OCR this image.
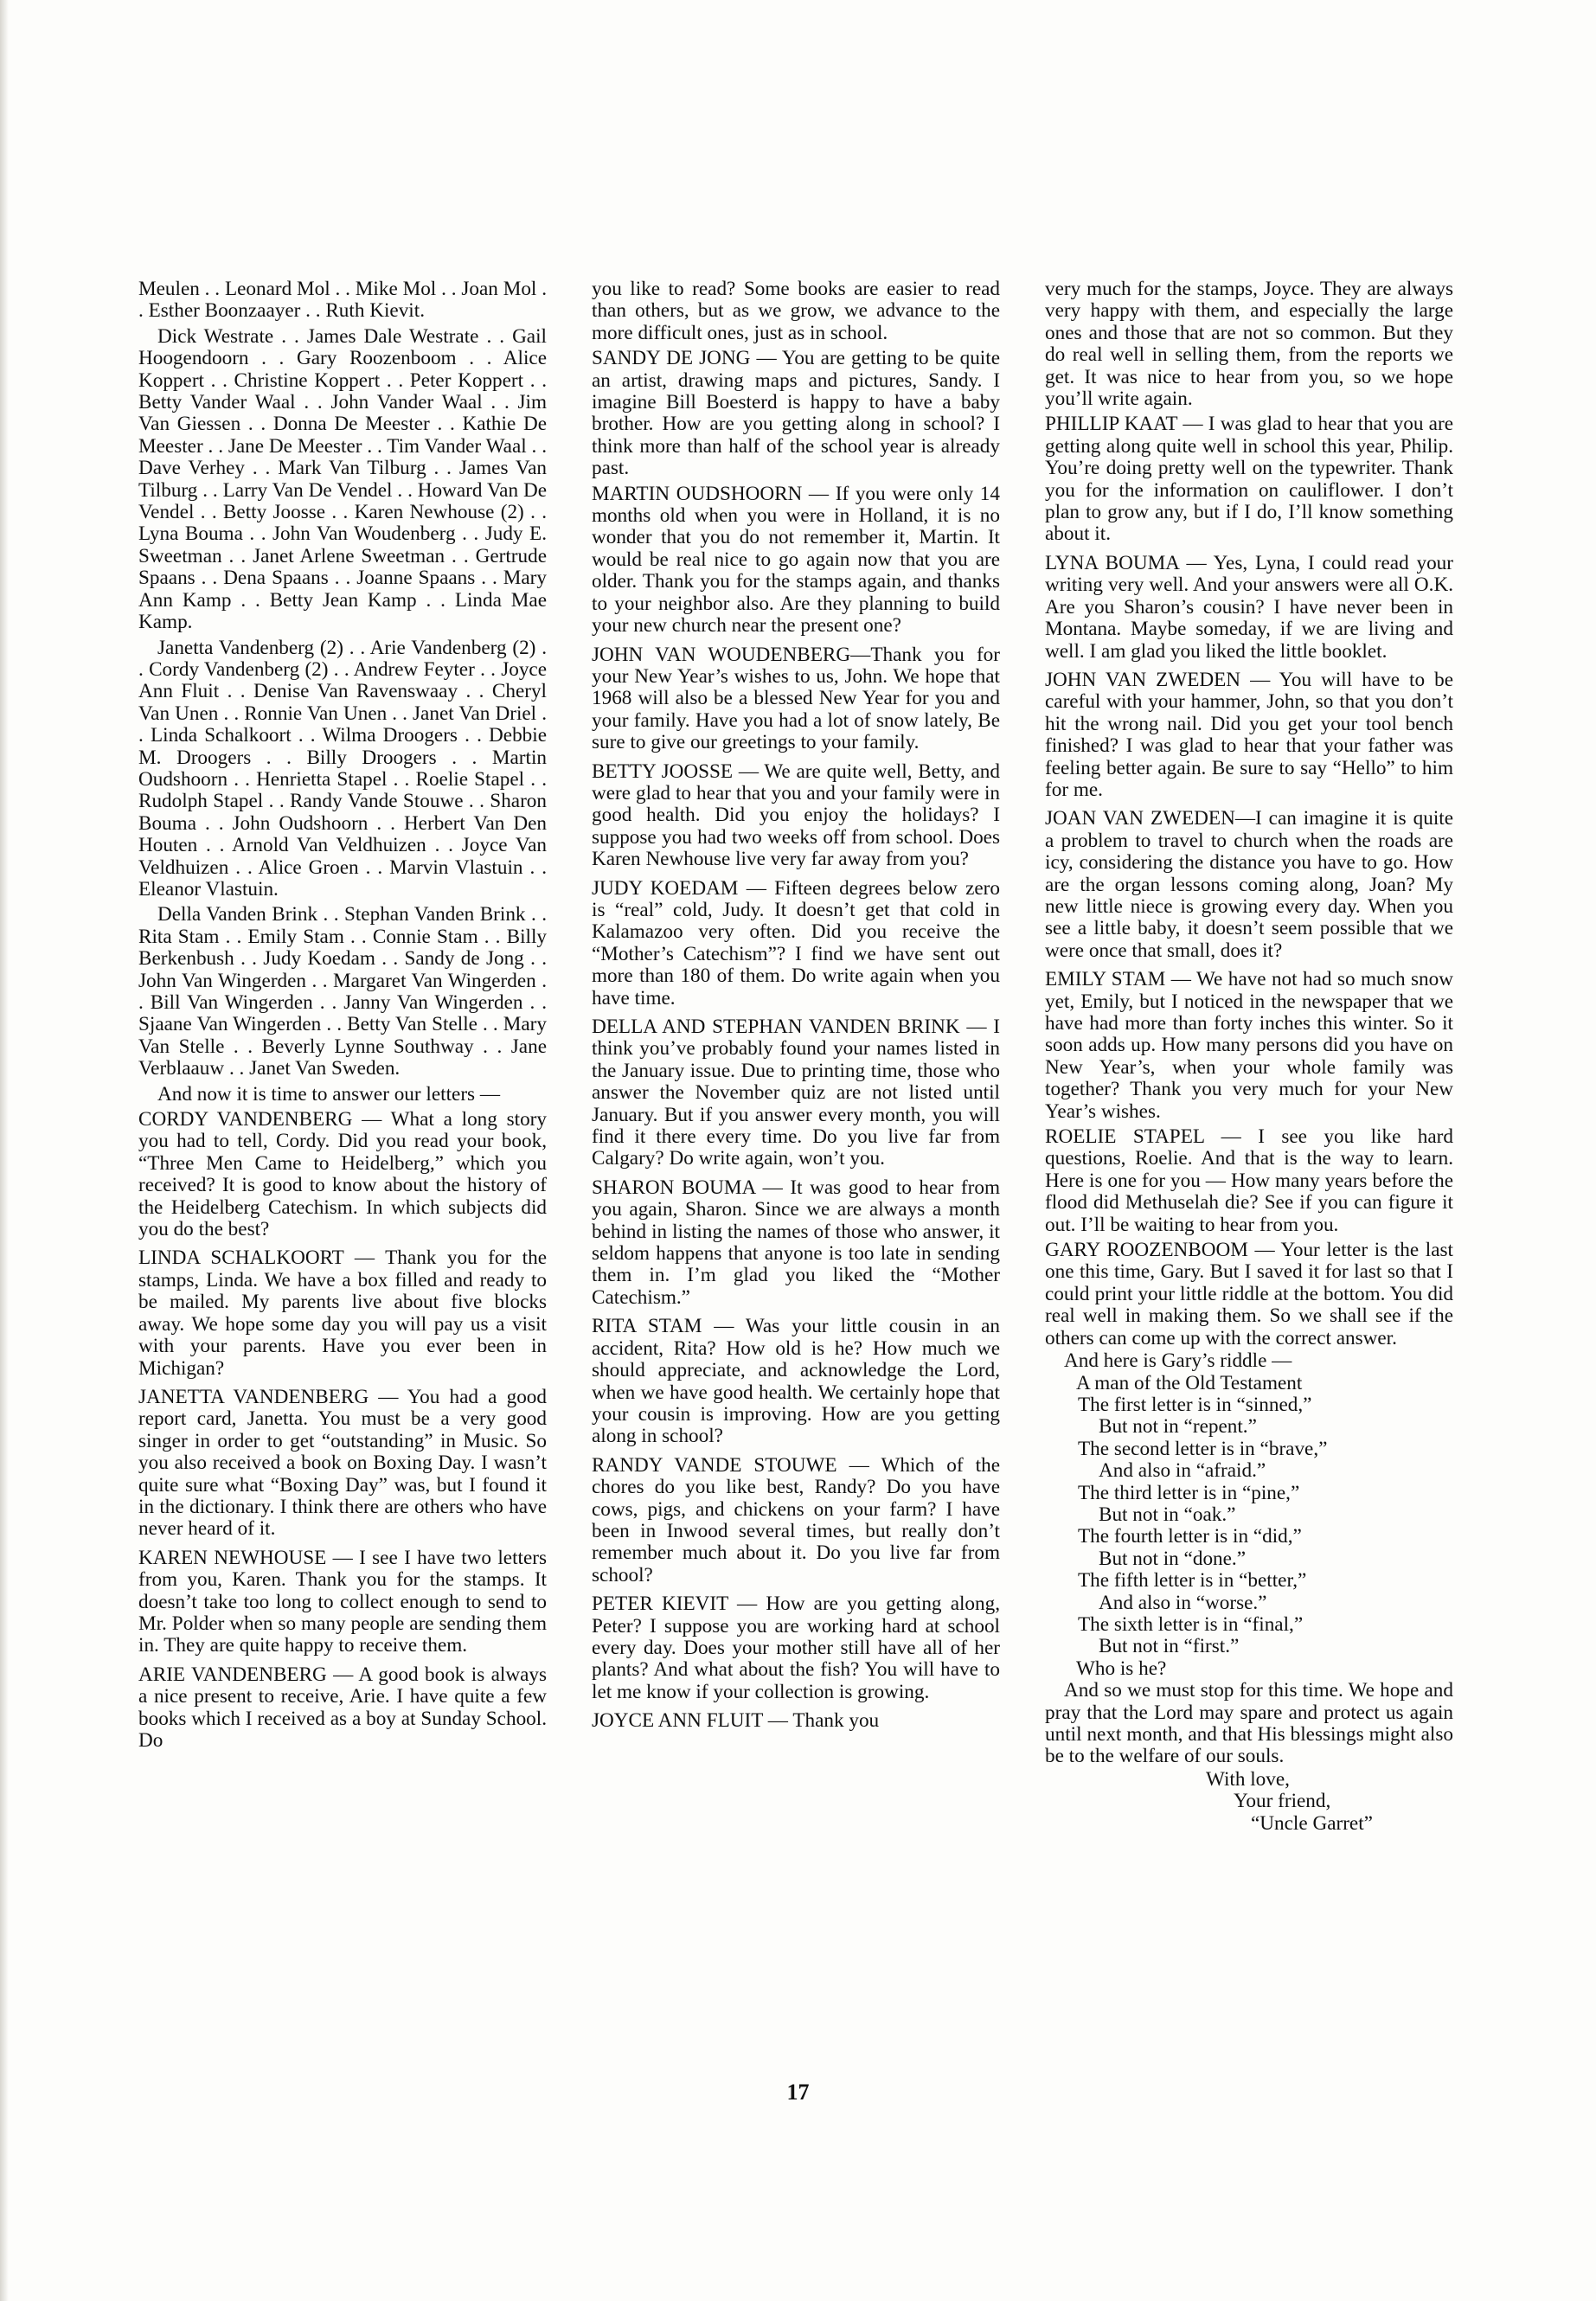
Meulen . . Leonard Mol . . Mike Mol . . Joan Mol . . Esther Boonzaayer . . Ruth Kievit.

Dick Westrate . . James Dale Westrate . . Gail Hoogendoorn . . Gary Roozenboom . . Alice Koppert . . Christine Koppert . . Peter Koppert . . Betty Vander Waal . . John Vander Waal . . Jim Van Giessen . . Donna De Meester . . Kathie De Meester . . Jane De Meester . . Tim Vander Waal . . Dave Verhey . . Mark Van Tilburg . . James Van Tilburg . . Larry Van De Vendel . . Howard Van De Vendel . . Betty Joosse . . Karen Newhouse (2) . . Lyna Bouma . . John Van Woudenberg . . Judy E. Sweetman . . Janet Arlene Sweetman . . Gertrude Spaans . . Dena Spaans . . Joanne Spaans . . Mary Ann Kamp . . Betty Jean Kamp . . Linda Mae Kamp.

Janetta Vandenberg (2) . . Arie Vandenberg (2) . . Cordy Vandenberg (2) . . Andrew Feyter . . Joyce Ann Fluit . . Denise Van Ravenswaay . . Cheryl Van Unen . . Ronnie Van Unen . . Janet Van Driel . . Linda Schalkoort . . Wilma Droogers . . Debbie M. Droogers . . Billy Droogers . . Martin Oudshoorn . . Henrietta Stapel . . Roelie Stapel . . Rudolph Stapel . . Randy Vande Stouwe . . Sharon Bouma . . John Oudshoorn . . Herbert Van Den Houten . . Arnold Van Veldhuizen . . Joyce Van Veldhuizen . . Alice Groen . . Marvin Vlastuin . . Eleanor Vlastuin.

Della Vanden Brink . . Stephan Vanden Brink . . Rita Stam . . Emily Stam . . Connie Stam . . Billy Berkenbush . . Judy Koedam . . Sandy de Jong . . John Van Wingerden . . Margaret Van Wingerden . . Bill Van Wingerden . . Janny Van Wingerden . . Sjaane Van Wingerden . . Betty Van Stelle . . Mary Van Stelle . . Beverly Lynne Southway . . Jane Verblaauw . . Janet Van Sweden.

And now it is time to answer our letters —

CORDY VANDENBERG — What a long story you had to tell, Cordy. Did you read your book, “Three Men Came to Heidelberg,” which you received? It is good to know about the history of the Heidelberg Catechism. In which subjects did you do the best?

LINDA SCHALKOORT — Thank you for the stamps, Linda. We have a box filled and ready to be mailed. My parents live about five blocks away. We hope some day you will pay us a visit with your parents. Have you ever been in Michigan?

JANETTA VANDENBERG — You had a good report card, Janetta. You must be a very good singer in order to get “outstanding” in Music. So you also received a book on Boxing Day. I wasn’t quite sure what “Boxing Day” was, but I found it in the dictionary. I think there are others who have never heard of it.

KAREN NEWHOUSE — I see I have two letters from you, Karen. Thank you for the stamps. It doesn’t take too long to collect enough to send to Mr. Polder when so many people are sending them in. They are quite happy to receive them.

ARIE VANDENBERG — A good book is always a nice present to receive, Arie. I have quite a few books which I received as a boy at Sunday School. Do

you like to read? Some books are easier to read than others, but as we grow, we advance to the more difficult ones, just as in school.

SANDY DE JONG — You are getting to be quite an artist, drawing maps and pictures, Sandy. I imagine Bill Boesterd is happy to have a baby brother. How are you getting along in school? I think more than half of the school year is already past.

MARTIN OUDSHOORN — If you were only 14 months old when you were in Holland, it is no wonder that you do not remember it, Martin. It would be real nice to go again now that you are older. Thank you for the stamps again, and thanks to your neighbor also. Are they planning to build your new church near the present one?

JOHN VAN WOUDENBERG—Thank you for your New Year’s wishes to us, John. We hope that 1968 will also be a blessed New Year for you and your family. Have you had a lot of snow lately, Be sure to give our greetings to your family.

BETTY JOOSSE — We are quite well, Betty, and were glad to hear that you and your family were in good health. Did you enjoy the holidays? I suppose you had two weeks off from school. Does Karen Newhouse live very far away from you?

JUDY KOEDAM — Fifteen degrees below zero is “real” cold, Judy. It doesn’t get that cold in Kalamazoo very often. Did you receive the “Mother’s Catechism”? I find we have sent out more than 180 of them. Do write again when you have time.

DELLA AND STEPHAN VANDEN BRINK — I think you’ve probably found your names listed in the January issue. Due to printing time, those who answer the November quiz are not listed until January. But if you answer every month, you will find it there every time. Do you live far from Calgary? Do write again, won’t you.

SHARON BOUMA — It was good to hear from you again, Sharon. Since we are always a month behind in listing the names of those who answer, it seldom happens that anyone is too late in sending them in. I’m glad you liked the “Mother Catechism.”

RITA STAM — Was your little cousin in an accident, Rita? How old is he? How much we should appreciate, and acknowledge the Lord, when we have good health. We certainly hope that your cousin is improving. How are you getting along in school?

RANDY VANDE STOUWE — Which of the chores do you like best, Randy? Do you have cows, pigs, and chickens on your farm? I have been in Inwood several times, but really don’t remember much about it. Do you live far from school?

PETER KIEVIT — How are you getting along, Peter? I suppose you are working hard at school every day. Does your mother still have all of her plants? And what about the fish? You will have to let me know if your collection is growing.

JOYCE ANN FLUIT — Thank you

very much for the stamps, Joyce. They are always very happy with them, and especially the large ones and those that are not so common. But they do real well in selling them, from the reports we get. It was nice to hear from you, so we hope you’ll write again.

PHILLIP KAAT — I was glad to hear that you are getting along quite well in school this year, Philip. You’re doing pretty well on the typewriter. Thank you for the information on cauliflower. I don’t plan to grow any, but if I do, I’ll know something about it.

LYNA BOUMA — Yes, Lyna, I could read your writing very well. And your answers were all O.K. Are you Sharon’s cousin? I have never been in Montana. Maybe someday, if we are living and well. I am glad you liked the little booklet.

JOHN VAN ZWEDEN — You will have to be careful with your hammer, John, so that you don’t hit the wrong nail. Did you get your tool bench finished? I was glad to hear that your father was feeling better again. Be sure to say “Hello” to him for me.

JOAN VAN ZWEDEN—I can imagine it is quite a problem to travel to church when the roads are icy, considering the distance you have to go. How are the organ lessons coming along, Joan? My new little niece is growing every day. When you see a little baby, it doesn’t seem possible that we were once that small, does it?

EMILY STAM — We have not had so much snow yet, Emily, but I noticed in the newspaper that we have had more than forty inches this winter. So it soon adds up. How many persons did you have on New Year’s, when your whole family was together? Thank you very much for your New Year’s wishes.

ROELIE STAPEL — I see you like hard questions, Roelie. And that is the way to learn. Here is one for you — How many years before the flood did Methuselah die? See if you can figure it out. I’ll be waiting to hear from you.

GARY ROOZENBOOM — Your letter is the last one this time, Gary. But I saved it for last so that I could print your little riddle at the bottom. You did real well in making them. So we shall see if the others can come up with the correct answer.

And here is Gary’s riddle —
A man of the Old Testament
The first letter is in “sinned,”
But not in “repent.”
The second letter is in “brave,”
And also in “afraid.”
The third letter is in “pine,”
But not in “oak.”
The fourth letter is in “did,”
But not in “done.”
The fifth letter is in “better,”
And also in “worse.”
The sixth letter is in “final,”
But not in “first.”
Who is he?

And so we must stop for this time. We hope and pray that the Lord may spare and protect us again until next month, and that His blessings might also be to the welfare of our souls.

With love,
Your friend,
“Uncle Garret”
17
